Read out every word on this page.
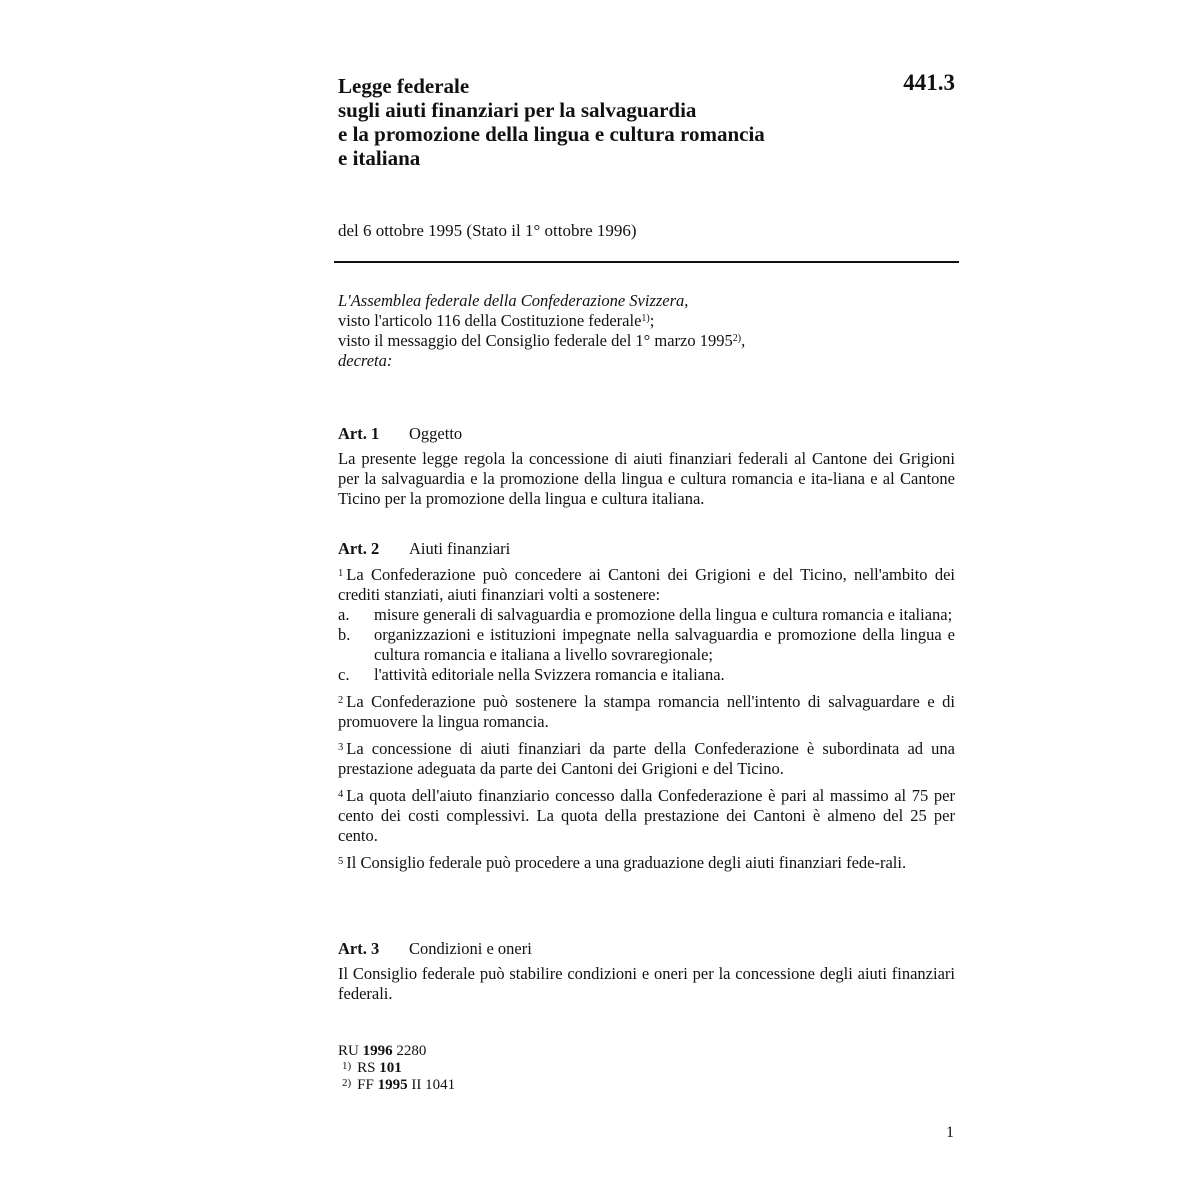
Legge federale
sugli aiuti finanziari per la salvaguardia
e la promozione della lingua e cultura romancia
e italiana
441.3
del 6 ottobre 1995 (Stato il 1° ottobre 1996)
L'Assemblea federale della Confederazione Svizzera,
visto l'articolo 116 della Costituzione federale$^{1)}$;
visto il messaggio del Consiglio federale del 1° marzo 1995$^{2)}$,
decreta:
Art. 1 Oggetto
La presente legge regola la concessione di aiuti finanziari federali al Cantone dei Grigioni per la salvaguardia e la promozione della lingua e cultura romancia e ita-liana e al Cantone Ticino per la promozione della lingua e cultura italiana.
Art. 2 Aiuti finanziari
$^1$ La Confederazione può concedere ai Cantoni dei Grigioni e del Ticino, nell'ambito dei crediti stanziati, aiuti finanziari volti a sostenere:
a. misure generali di salvaguardia e promozione della lingua e cultura romancia e italiana;
b. organizzazioni e istituzioni impegnate nella salvaguardia e promozione della lingua e cultura romancia e italiana a livello sovraregionale;
c. l'attività editoriale nella Svizzera romancia e italiana.
$^2$ La Confederazione può sostenere la stampa romancia nell'intento di salvaguardare e di promuovere la lingua romancia.
$^3$ La concessione di aiuti finanziari da parte della Confederazione è subordinata ad una prestazione adeguata da parte dei Cantoni dei Grigioni e del Ticino.
$^4$ La quota dell'aiuto finanziario concesso dalla Confederazione è pari al massimo al 75 per cento dei costi complessivi. La quota della prestazione dei Cantoni è almeno del 25 per cento.
$^5$ Il Consiglio federale può procedere a una graduazione degli aiuti finanziari fede-rali.
Art. 3 Condizioni e oneri
Il Consiglio federale può stabilire condizioni e oneri per la concessione degli aiuti finanziari federali.
RU 1996 2280
$^{1)}$ RS 101
$^{2)}$ FF 1995 II 1041
1
